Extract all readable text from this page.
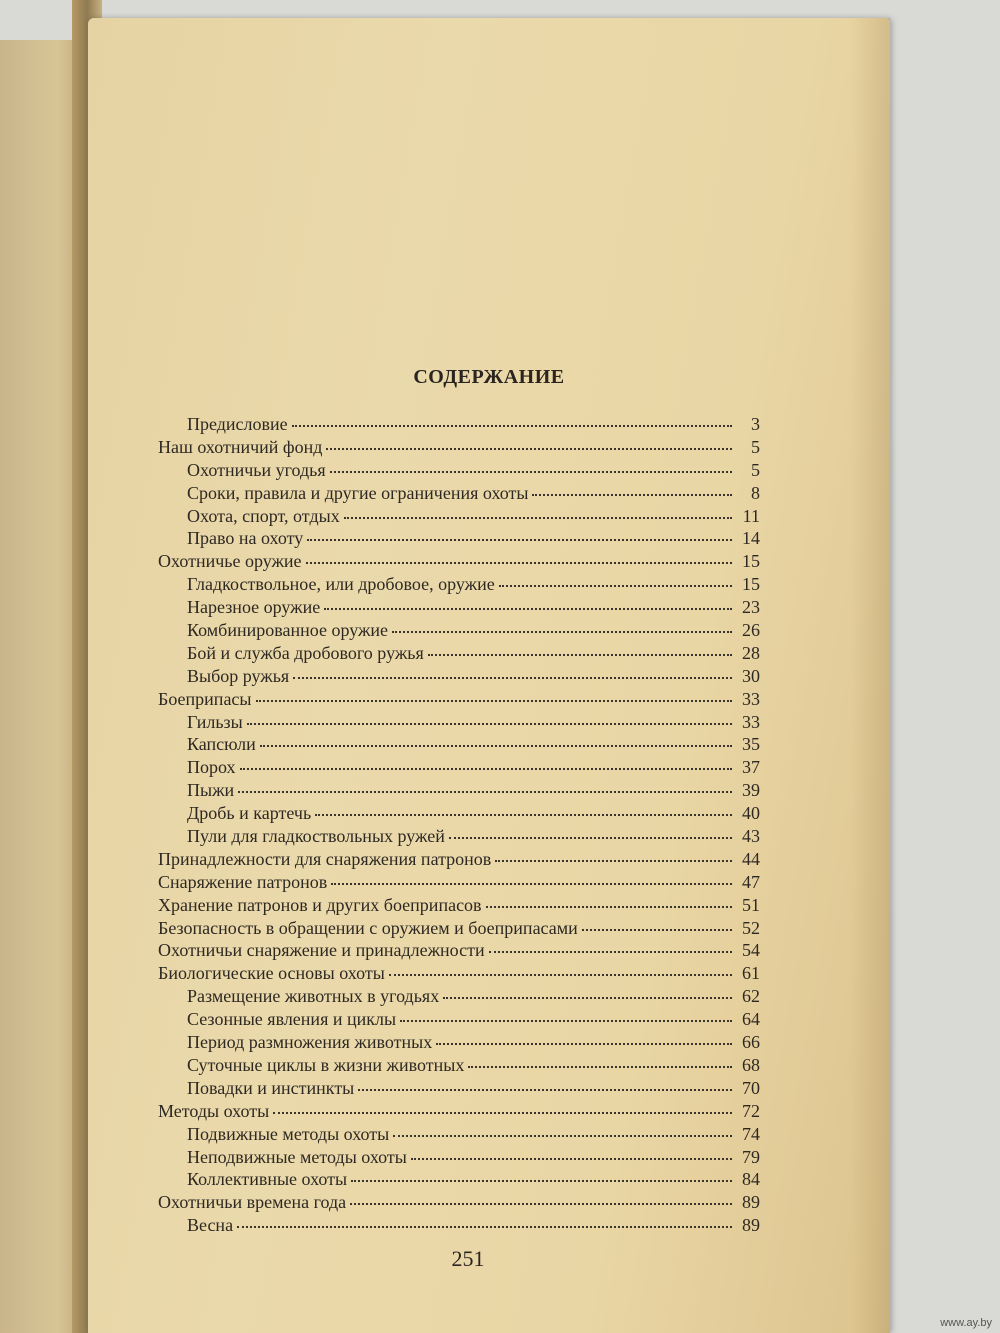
СОДЕРЖАНИЕ
Предисловие	3
Наш охотничий фонд	5
Охотничьи угодья	5
Сроки, правила и другие ограничения охоты	8
Охота, спорт, отдых	11
Право на охоту	14
Охотничье оружие	15
Гладкоствольное, или дробовое, оружие	15
Нарезное оружие	23
Комбинированное оружие	26
Бой и служба дробового ружья	28
Выбор ружья	30
Боеприпасы	33
Гильзы	33
Капсюли	35
Порох	37
Пыжи	39
Дробь и картечь	40
Пули для гладкоствольных ружей	43
Принадлежности для снаряжения патронов	44
Снаряжение патронов	47
Хранение патронов и других боеприпасов	51
Безопасность в обращении с оружием и боеприпасами	52
Охотничьи снаряжение и принадлежности	54
Биологические основы охоты	61
Размещение животных в угодьях	62
Сезонные явления и циклы	64
Период размножения животных	66
Суточные циклы в жизни животных	68
Повадки и инстинкты	70
Методы охоты	72
Подвижные методы охоты	74
Неподвижные методы охоты	79
Коллективные охоты	84
Охотничьи времена года	89
Весна	89
251
www.ay.by
